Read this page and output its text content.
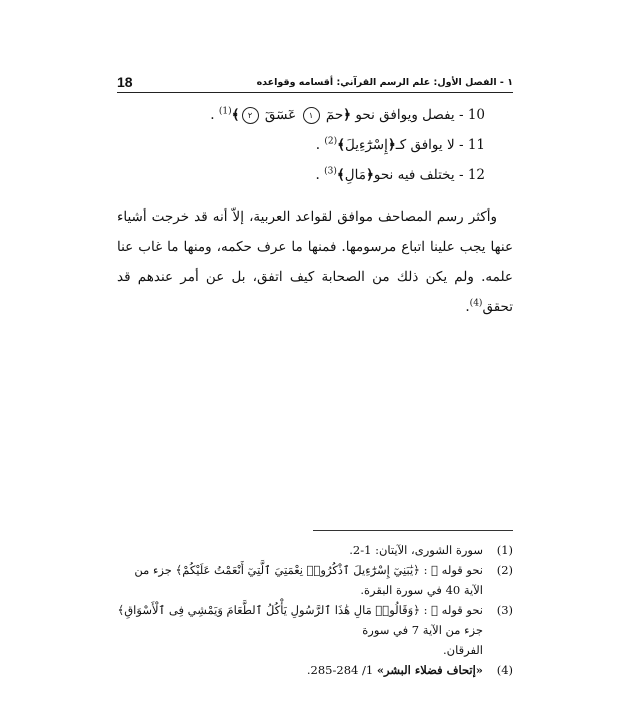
18	١ - الفصل الأول: علم الرسم القرآني: أقسامه وقواعده
10 - يفصل ويوافق نحو ﴿حمٓ ١ عٓسٓقٓ ٢﴾$^{(1)}$ .
11 - لا يوافق كـ﴿إِسْرَٰٓءِيلَ﴾$^{(2)}$ .
12 - يختلف فيه نحو﴿مَالِ﴾$^{(3)}$ .
وأكثر رسم المصاحف موافق لقواعد العربية، إلاّ أنه قد خرجت أشياء عنها يجب علينا اتباع مرسومها. فمنها ما عرف حكمه، ومنها ما غاب عنا علمه. ولم يكن ذلك من الصحابة كيف اتفق، بل عن أمر عندهم قد تحقق$^{(4)}$.
(1)
سورة الشورى، الآيتان: 1-2.
(2)
نحو قوله ﷻ : ﴿يَٰبَنِيٓ إِسْرَٰٓءِيلَ ٱذْكُرُوا۟ نِعْمَتِيَ ٱلَّتِيٓ أَنْعَمْتُ عَلَيْكُمْ﴾ جزء من الآية 40 في سورة البقرة.
(3)
نحو قوله ﷻ : ﴿وَقَالُوا۟ مَالِ هَٰذَا ٱلرَّسُولِ يَأْكُلُ ٱلطَّعَامَ وَيَمْشِي فِى ٱلْأَسْوَاقِ﴾ جزء من الآية 7 في سورة
الفرقان.
(4)
«إتحاف فضلاء البشر» 1/ 284-285.
